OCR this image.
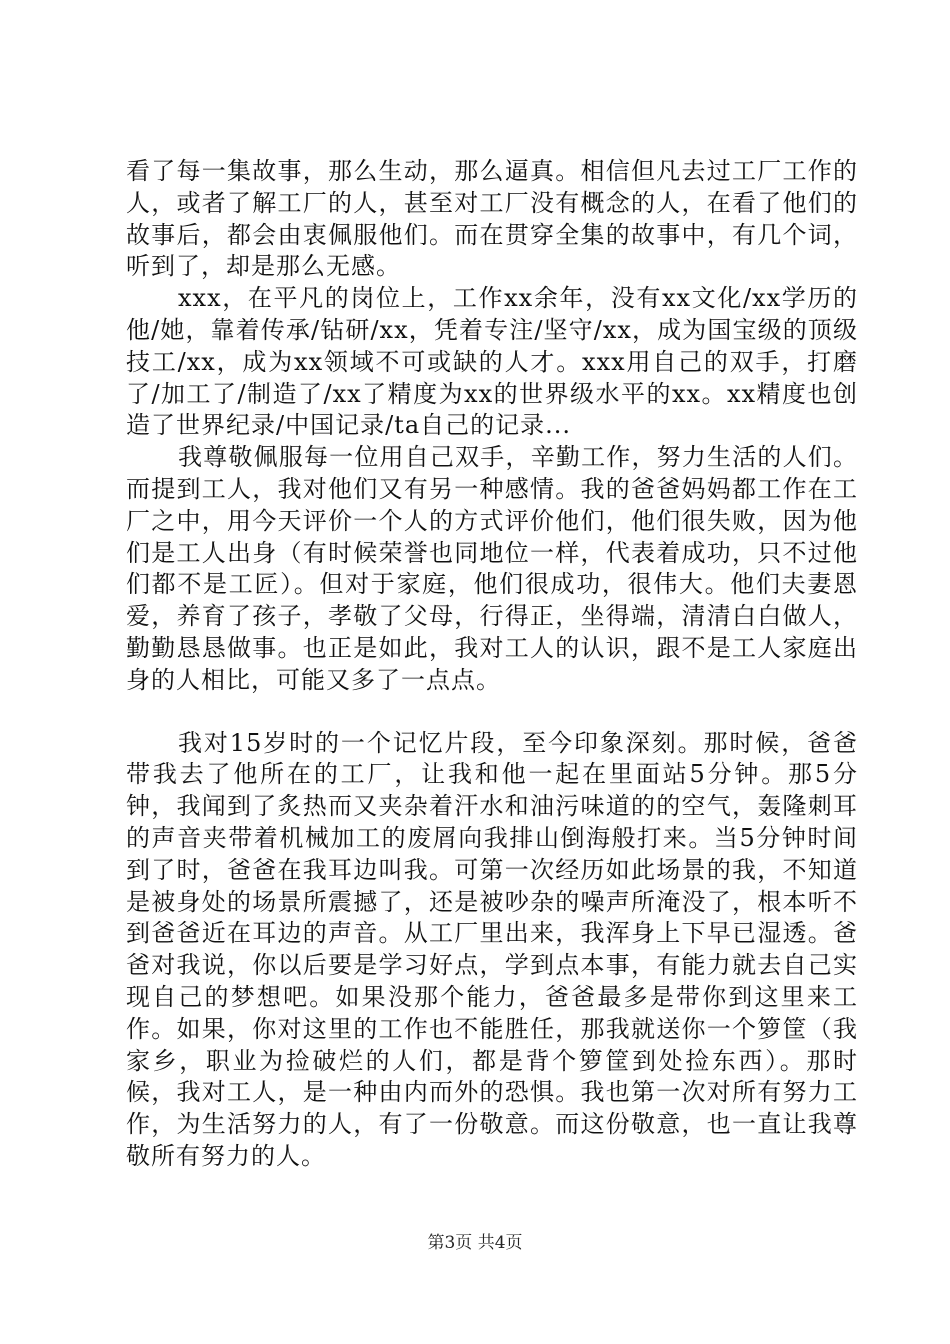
看了每一集故事，那么生动，那么逼真。相信但凡去过工厂工作的人，或者了解工厂的人，甚至对工厂没有概念的人，在看了他们的故事后，都会由衷佩服他们。而在贯穿全集的故事中，有几个词，听到了，却是那么无感。

xxx，在平凡的岗位上，工作xx余年，没有xx文化/xx学历的他/她，靠着传承/钻研/xx，凭着专注/坚守/xx，成为国宝级的顶级技工/xx，成为xx领域不可或缺的人才。xxx用自己的双手，打磨了/加工了/制造了/xx了精度为xx的世界级水平的xx。xx精度也创造了世界纪录/中国记录/ta自己的记录...

我尊敬佩服每一位用自己双手，辛勤工作，努力生活的人们。而提到工人，我对他们又有另一种感情。我的爸爸妈妈都工作在工厂之中，用今天评价一个人的方式评价他们，他们很失败，因为他们是工人出身（有时候荣誉也同地位一样，代表着成功，只不过他们都不是工匠）。但对于家庭，他们很成功，很伟大。他们夫妻恩爱，养育了孩子，孝敬了父母，行得正，坐得端，清清白白做人，勤勤恳恳做事。也正是如此，我对工人的认识，跟不是工人家庭出身的人相比，可能又多了一点点。

我对15岁时的一个记忆片段，至今印象深刻。那时候，爸爸带我去了他所在的工厂，让我和他一起在里面站5分钟。那5分钟，我闻到了炙热而又夹杂着汗水和油污味道的的空气，轰隆刺耳的声音夹带着机械加工的废屑向我排山倒海般打来。当5分钟时间到了时，爸爸在我耳边叫我。可第一次经历如此场景的我，不知道是被身处的场景所震撼了，还是被吵杂的噪声所淹没了，根本听不到爸爸近在耳边的声音。从工厂里出来，我浑身上下早已湿透。爸爸对我说，你以后要是学习好点，学到点本事，有能力就去自己实现自己的梦想吧。如果没那个能力，爸爸最多是带你到这里来工作。如果，你对这里的工作也不能胜任，那我就送你一个箩筐（我家乡，职业为捡破烂的人们，都是背个箩筐到处捡东西）。那时候，我对工人，是一种由内而外的恐惧。我也第一次对所有努力工作，为生活努力的人，有了一份敬意。而这份敬意，也一直让我尊敬所有努力的人。

第3页 共4页
